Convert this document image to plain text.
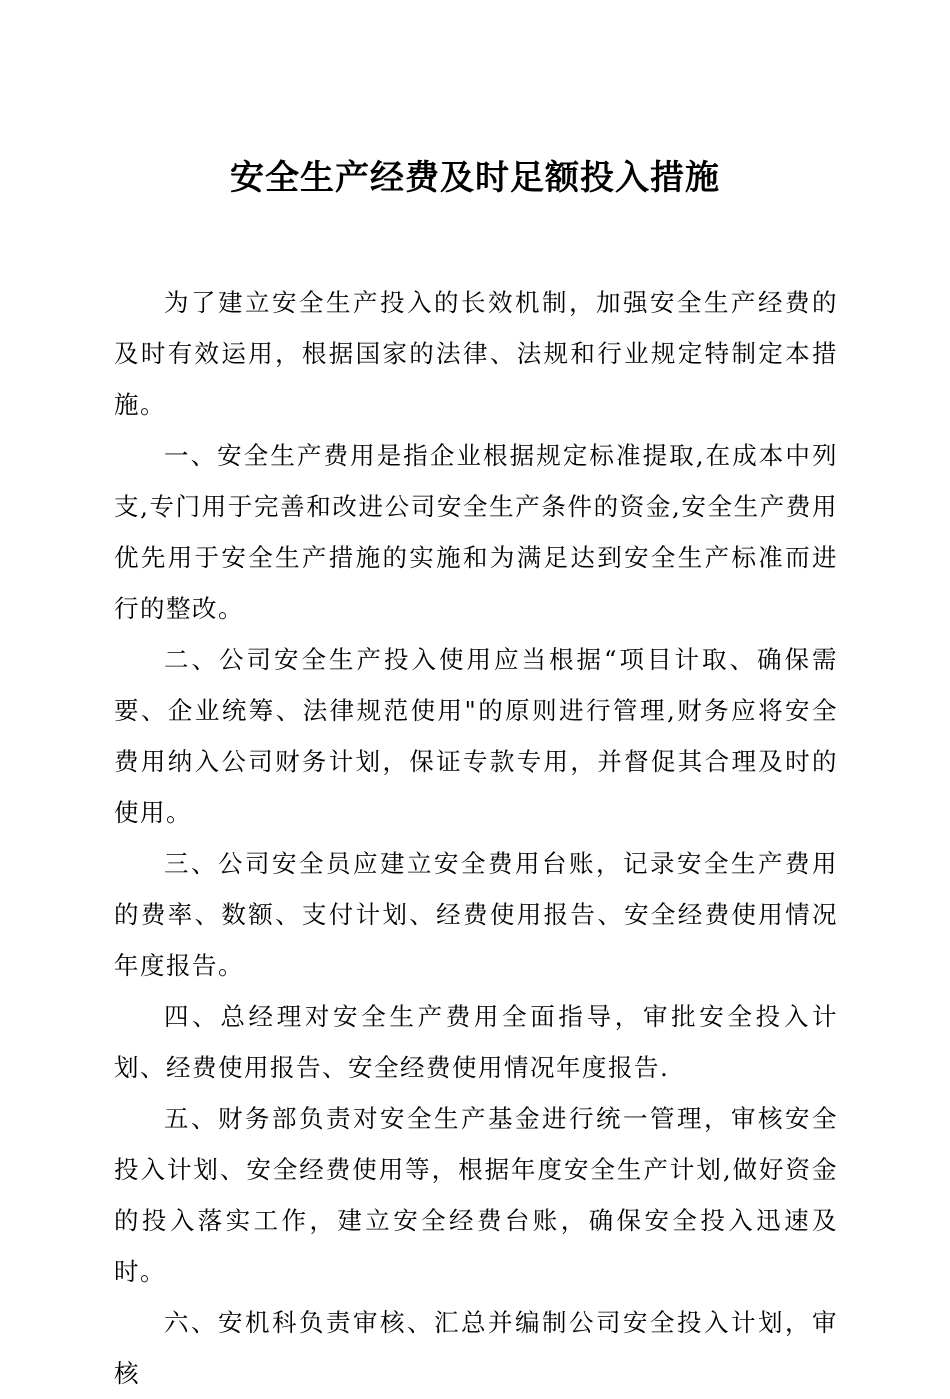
安全生产经费及时足额投入措施

为了建立安全生产投入的长效机制，加强安全生产经费的及时有效运用，根据国家的法律、法规和行业规定特制定本措施。

一、安全生产费用是指企业根据规定标准提取,在成本中列支,专门用于完善和改进公司安全生产条件的资金,安全生产费用优先用于安全生产措施的实施和为满足达到安全生产标准而进行的整改。

二、公司安全生产投入使用应当根据“项目计取、确保需要、企业统筹、法律规范使用"的原则进行管理,财务应将安全费用纳入公司财务计划，保证专款专用，并督促其合理及时的使用。

三、公司安全员应建立安全费用台账，记录安全生产费用的费率、数额、支付计划、经费使用报告、安全经费使用情况年度报告。

四、总经理对安全生产费用全面指导，审批安全投入计划、经费使用报告、安全经费使用情况年度报告.

五、财务部负责对安全生产基金进行统一管理，审核安全投入计划、安全经费使用等，根据年度安全生产计划,做好资金的投入落实工作，建立安全经费台账，确保安全投入迅速及时。

六、安机科负责审核、汇总并编制公司安全投入计划，审核
